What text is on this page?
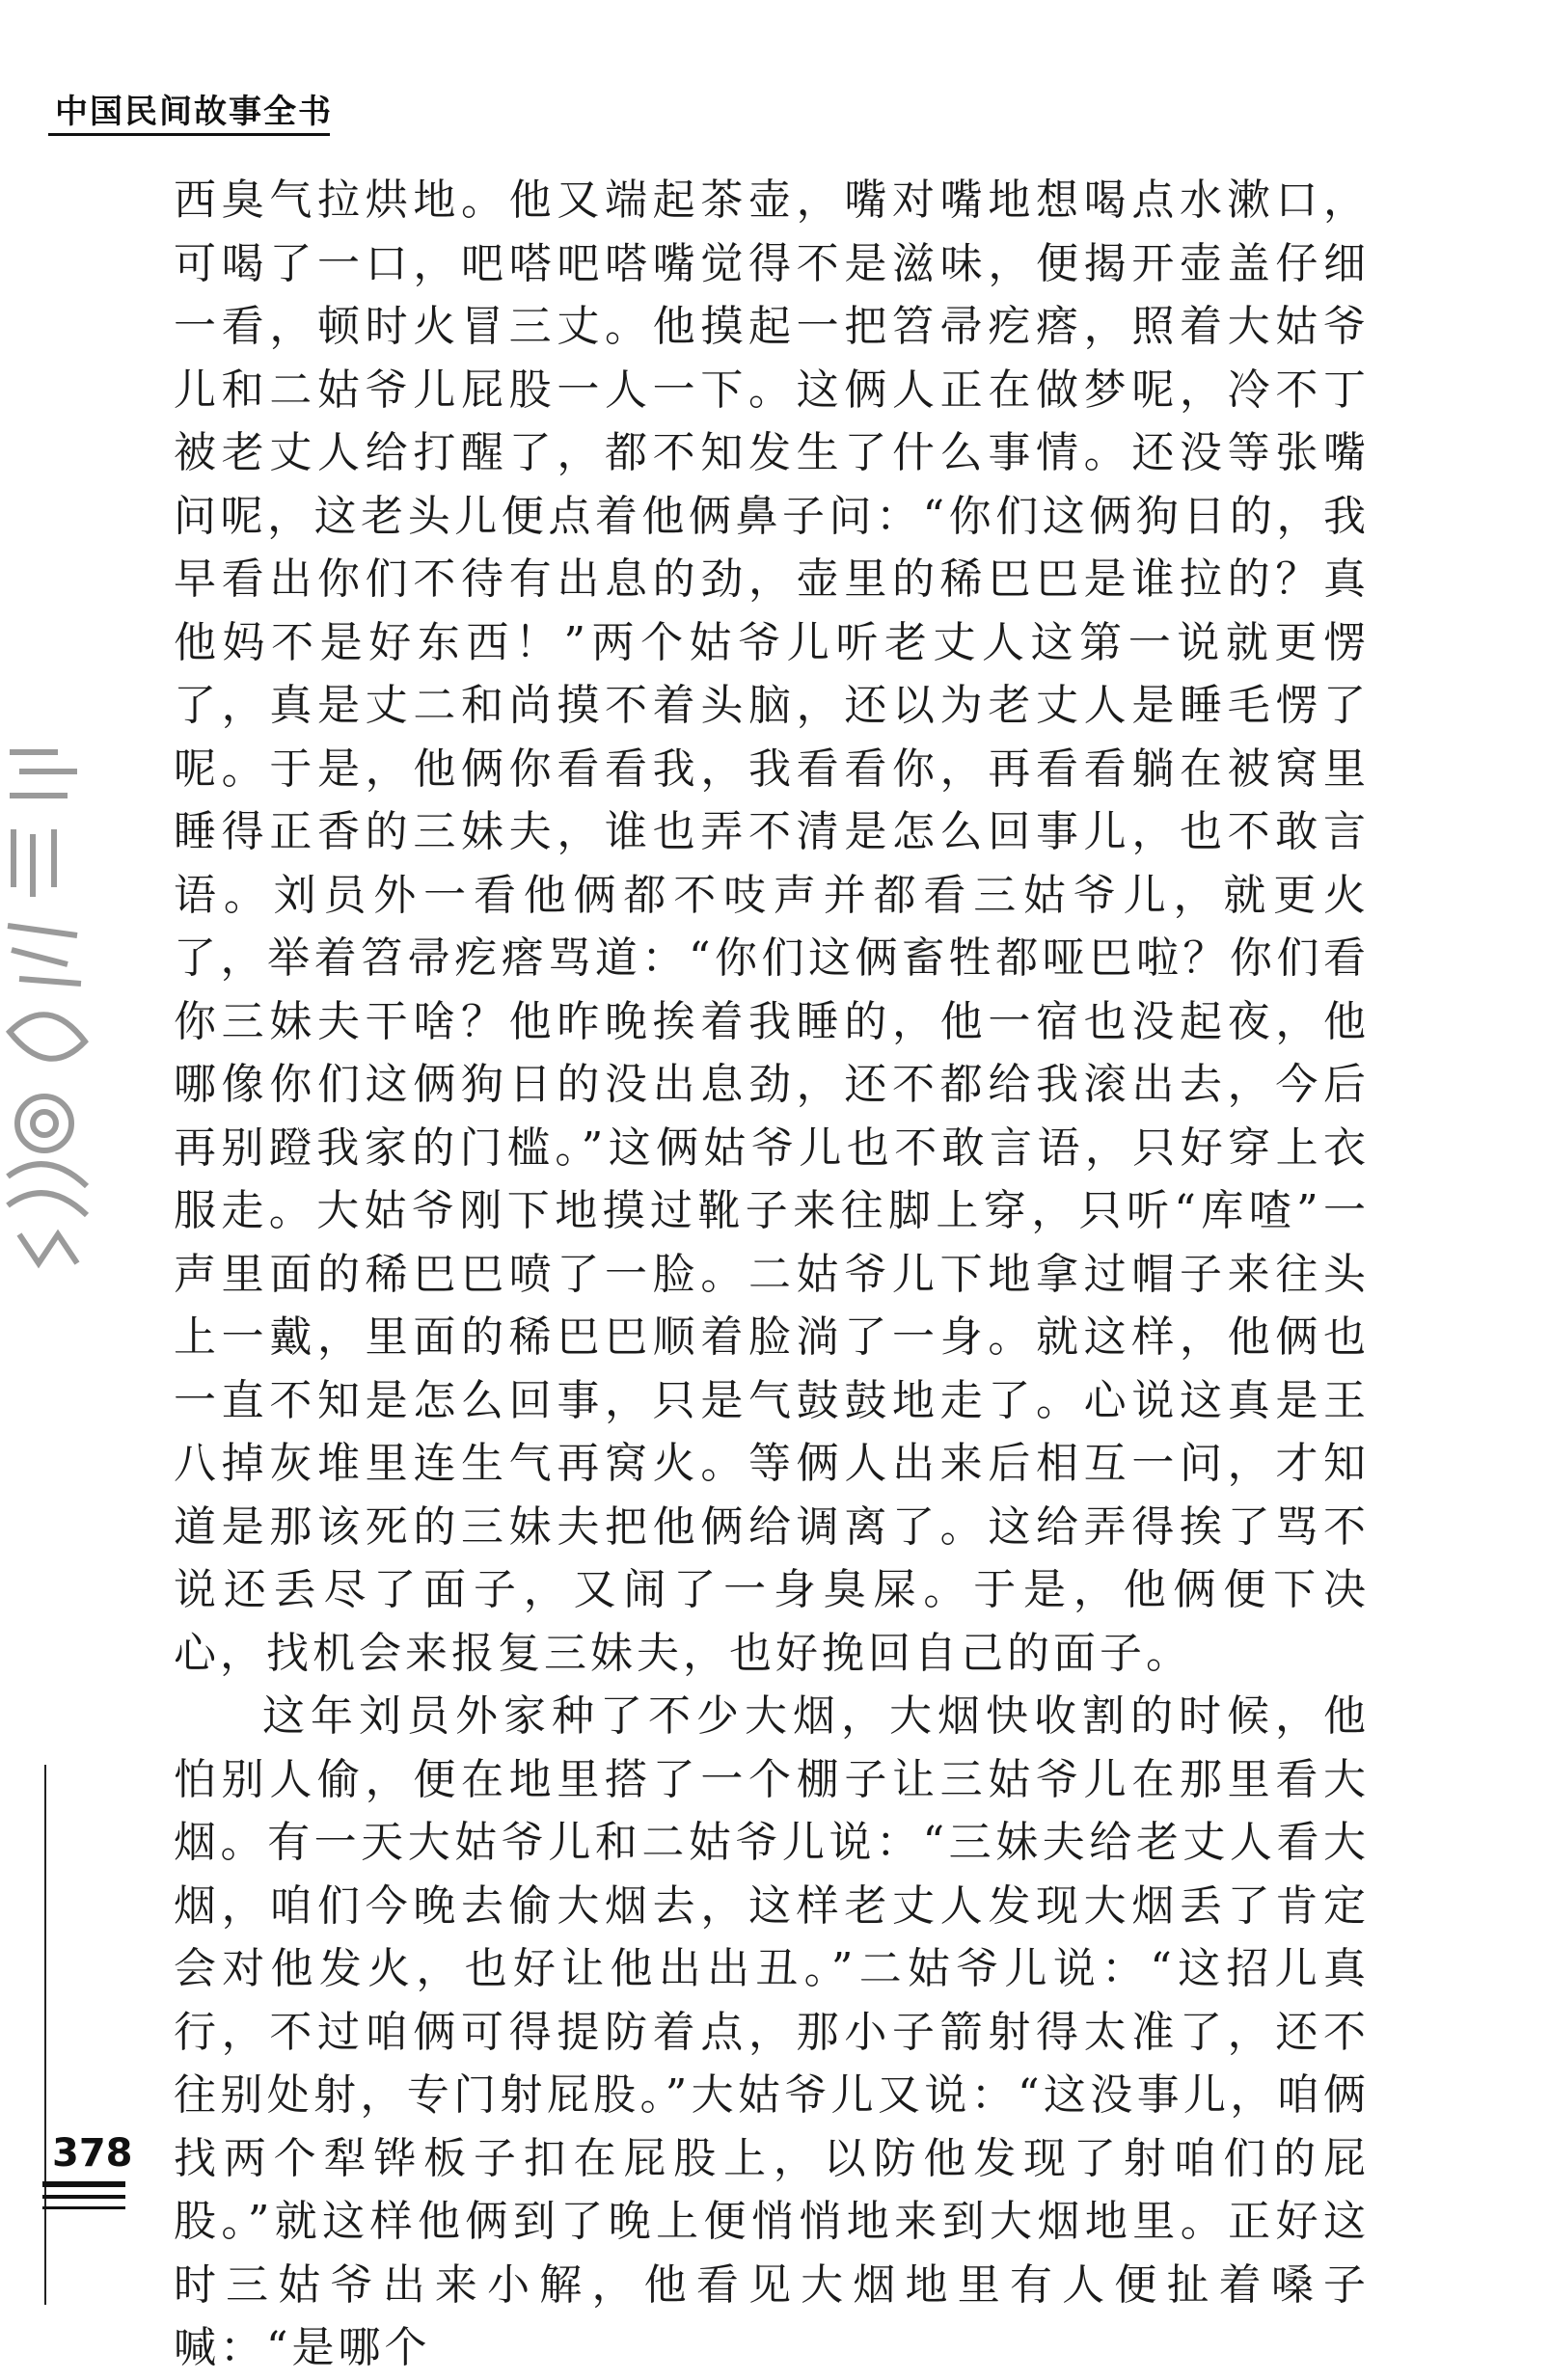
中国民间故事全书

西臭气拉烘地。他又端起茶壶，嘴对嘴地想喝点水漱口，可喝了一口，吧嗒吧嗒嘴觉得不是滋味，便揭开壶盖仔细一看，顿时火冒三丈。他摸起一把笤帚疙瘩，照着大姑爷儿和二姑爷儿屁股一人一下。这俩人正在做梦呢，冷不丁被老丈人给打醒了，都不知发生了什么事情。还没等张嘴问呢，这老头儿便点着他俩鼻子问：“你们这俩狗日的，我早看出你们不待有出息的劲，壶里的稀巴巴是谁拉的？真他妈不是好东西！”两个姑爷儿听老丈人这第一说就更愣了，真是丈二和尚摸不着头脑，还以为老丈人是睡毛愣了呢。于是，他俩你看看我，我看看你，再看看躺在被窝里睡得正香的三妹夫，谁也弄不清是怎么回事儿，也不敢言语。刘员外一看他俩都不吱声并都看三姑爷儿，就更火了，举着笤帚疙瘩骂道：“你们这俩畜牲都哑巴啦？你们看你三妹夫干啥？他昨晚挨着我睡的，他一宿也没起夜，他哪像你们这俩狗日的没出息劲，还不都给我滚出去，今后再别蹬我家的门槛。”这俩姑爷儿也不敢言语，只好穿上衣服走。大姑爷刚下地摸过靴子来往脚上穿，只听“库喳”一声里面的稀巴巴喷了一脸。二姑爷儿下地拿过帽子来往头上一戴，里面的稀巴巴顺着脸淌了一身。就这样，他俩也一直不知是怎么回事，只是气鼓鼓地走了。心说这真是王八掉灰堆里连生气再窝火。等俩人出来后相互一问，才知道是那该死的三妹夫把他俩给调离了。这给弄得挨了骂不说还丢尽了面子，又闹了一身臭屎。于是，他俩便下决心，找机会来报复三妹夫，也好挽回自己的面子。

这年刘员外家种了不少大烟，大烟快收割的时候，他怕别人偷，便在地里搭了一个棚子让三姑爷儿在那里看大烟。有一天大姑爷儿和二姑爷儿说：“三妹夫给老丈人看大烟，咱们今晚去偷大烟去，这样老丈人发现大烟丢了肯定会对他发火，也好让他出出丑。”二姑爷儿说：“这招儿真行，不过咱俩可得提防着点，那小子箭射得太准了，还不往别处射，专门射屁股。”大姑爷儿又说：“这没事儿，咱俩找两个犁铧板子扣在屁股上，以防他发现了射咱们的屁股。”就这样他俩到了晚上便悄悄地来到大烟地里。正好这时三姑爷出来小解，他看见大烟地里有人便扯着嗓子喊：“是哪个

378
